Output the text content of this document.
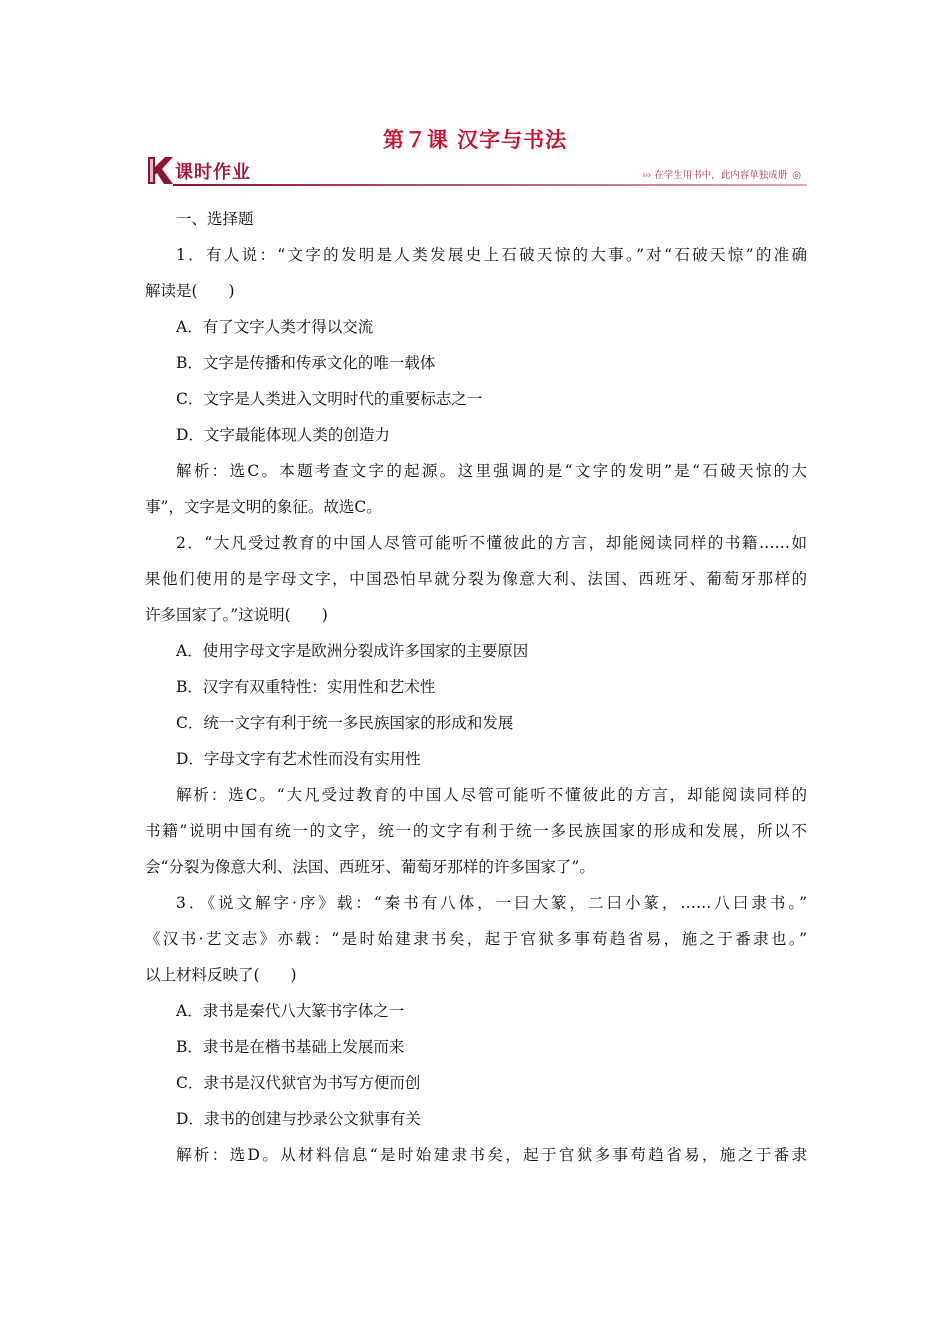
第７课 汉字与书法
课时作业	››› 在学生用书中，此内容单独成册 ◎
一、选择题
1．有人说：“文字的发明是人类发展史上石破天惊的大事。”对“石破天惊”的准确
解读是(　　)
A．有了文字人类才得以交流
B．文字是传播和传承文化的唯一载体
C．文字是人类进入文明时代的重要标志之一
D．文字最能体现人类的创造力
解析：选C。本题考查文字的起源。这里强调的是“文字的发明”是“石破天惊的大
事”，文字是文明的象征。故选C。
2．“大凡受过教育的中国人尽管可能听不懂彼此的方言，却能阅读同样的书籍……如
果他们使用的是字母文字，中国恐怕早就分裂为像意大利、法国、西班牙、葡萄牙那样的
许多国家了。”这说明(　　)
A．使用字母文字是欧洲分裂成许多国家的主要原因
B．汉字有双重特性：实用性和艺术性
C．统一文字有利于统一多民族国家的形成和发展
D．字母文字有艺术性而没有实用性
解析：选C。“大凡受过教育的中国人尽管可能听不懂彼此的方言，却能阅读同样的
书籍”说明中国有统一的文字，统一的文字有利于统一多民族国家的形成和发展，所以不
会“分裂为像意大利、法国、西班牙、葡萄牙那样的许多国家了”。
3．《说文解字·序》载：“秦书有八体，一曰大篆，二曰小篆，……八曰隶书。”
《汉书·艺文志》亦载：“是时始建隶书矣，起于官狱多事苟趋省易，施之于番隶也。”
以上材料反映了(　　)
A．隶书是秦代八大篆书字体之一
B．隶书是在楷书基础上发展而来
C．隶书是汉代狱官为书写方便而创
D．隶书的创建与抄录公文狱事有关
解析：选D。从材料信息“是时始建隶书矣，起于官狱多事苟趋省易，施之于番隶
